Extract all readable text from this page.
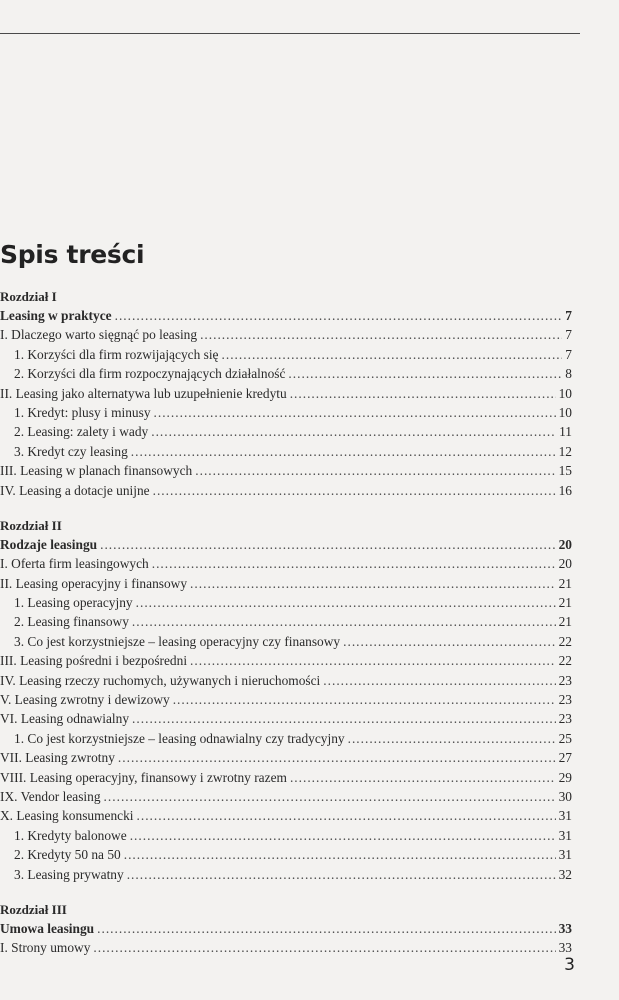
Spis treści
Rozdział I
Leasing w praktyce .....	7
I. Dlaczego warto sięgnąć po leasing .....	7
1. Korzyści dla firm rozwijających się .....	7
2. Korzyści dla firm rozpoczynających działalność .....	8
II. Leasing jako alternatywa lub uzupełnienie kredytu .....	10
1. Kredyt: plusy i minusy .....	10
2. Leasing: zalety i wady .....	11
3. Kredyt czy leasing .....	12
III. Leasing w planach finansowych .....	15
IV. Leasing a dotacje unijne .....	16
Rozdział II
Rodzaje leasingu .....	20
I. Oferta firm leasingowych .....	20
II. Leasing operacyjny i finansowy .....	21
1. Leasing operacyjny .....	21
2. Leasing finansowy .....	21
3. Co jest korzystniejsze – leasing operacyjny czy finansowy .....	22
III. Leasing pośredni i bezpośredni .....	22
IV. Leasing rzeczy ruchomych, używanych i nieruchomości .....	23
V. Leasing zwrotny i dewizowy .....	23
VI. Leasing odnawialny .....	23
1. Co jest korzystniejsze – leasing odnawialny czy tradycyjny .....	25
VII. Leasing zwrotny .....	27
VIII. Leasing operacyjny, finansowy i zwrotny razem .....	29
IX. Vendor leasing .....	30
X. Leasing konsumencki .....	31
1. Kredyty balonowe .....	31
2. Kredyty 50 na 50 .....	31
3. Leasing prywatny .....	32
Rozdział III
Umowa leasingu .....	33
I. Strony umowy .....	33
3
